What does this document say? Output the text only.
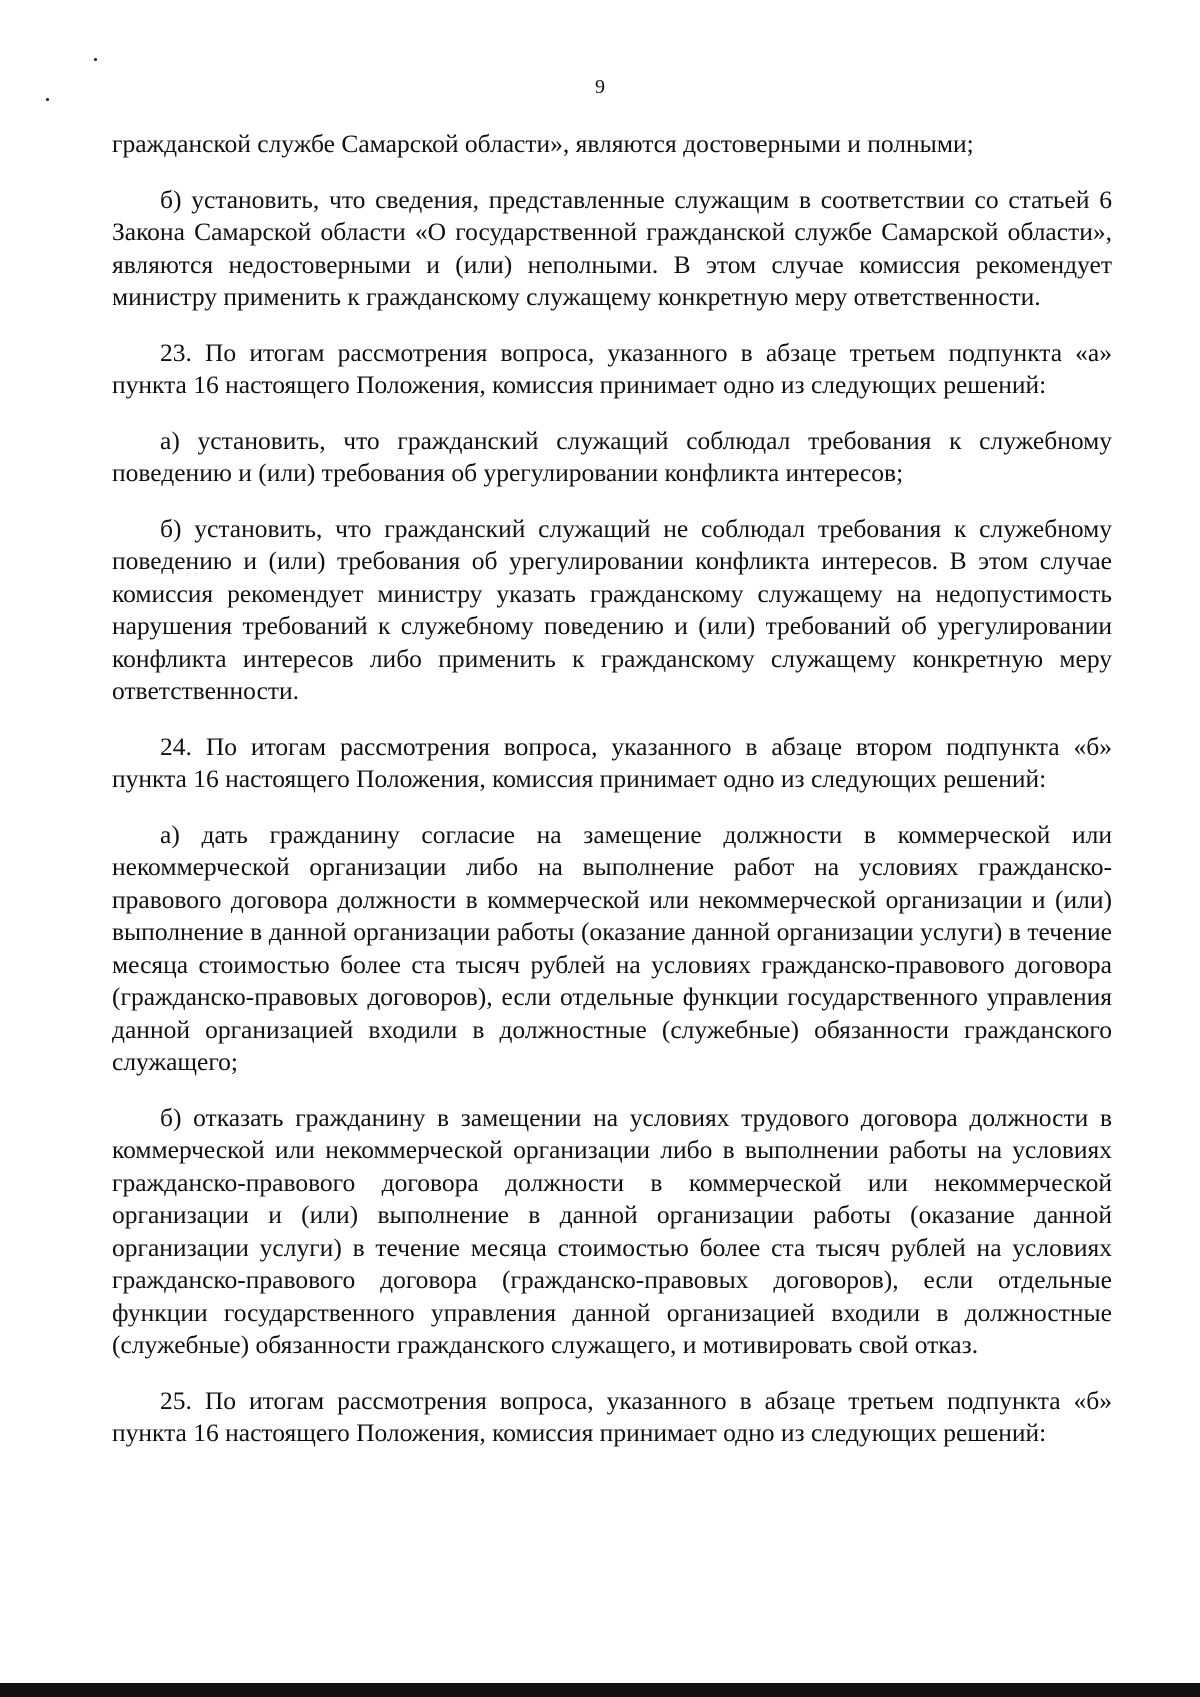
9

гражданской службе Самарской области», являются достоверными и полными;

б) установить, что сведения, представленные служащим в соответствии со статьей 6 Закона Самарской области «О государственной гражданской службе Самарской области», являются недостоверными и (или) неполными. В этом случае комиссия рекомендует министру применить к гражданскому служащему конкретную меру ответственности.

23. По итогам рассмотрения вопроса, указанного в абзаце третьем подпункта «а» пункта 16 настоящего Положения, комиссия принимает одно из следующих решений:

а) установить, что гражданский служащий соблюдал требования к служебному поведению и (или) требования об урегулировании конфликта интересов;

б) установить, что гражданский служащий не соблюдал требования к служебному поведению и (или) требования об урегулировании конфликта интересов. В этом случае комиссия рекомендует министру указать гражданскому служащему на недопустимость нарушения требований к служебному поведению и (или) требований об урегулировании конфликта интересов либо применить к гражданскому служащему конкретную меру ответственности.

24. По итогам рассмотрения вопроса, указанного в абзаце втором подпункта «б» пункта 16 настоящего Положения, комиссия принимает одно из следующих решений:

а) дать гражданину согласие на замещение должности в коммерческой или некоммерческой организации либо на выполнение работ на условиях гражданско-правового договора должности в коммерческой или некоммерческой организации и (или) выполнение в данной организации работы (оказание данной организации услуги) в течение месяца стоимостью более ста тысяч рублей на условиях гражданско-правового договора (гражданско-правовых договоров), если отдельные функции государственного управления данной организацией входили в должностные (служебные) обязанности гражданского служащего;

б) отказать гражданину в замещении на условиях трудового договора должности в коммерческой или некоммерческой организации либо в выполнении работы на условиях гражданско-правового договора должности в коммерческой или некоммерческой организации и (или) выполнение в данной организации работы (оказание данной организации услуги) в течение месяца стоимостью более ста тысяч рублей на условиях гражданско-правового договора (гражданско-правовых договоров), если отдельные функции государственного управления данной организацией входили в должностные (служебные) обязанности гражданского служащего, и мотивировать свой отказ.

25. По итогам рассмотрения вопроса, указанного в абзаце третьем подпункта «б» пункта 16 настоящего Положения, комиссия принимает одно из следующих решений:
